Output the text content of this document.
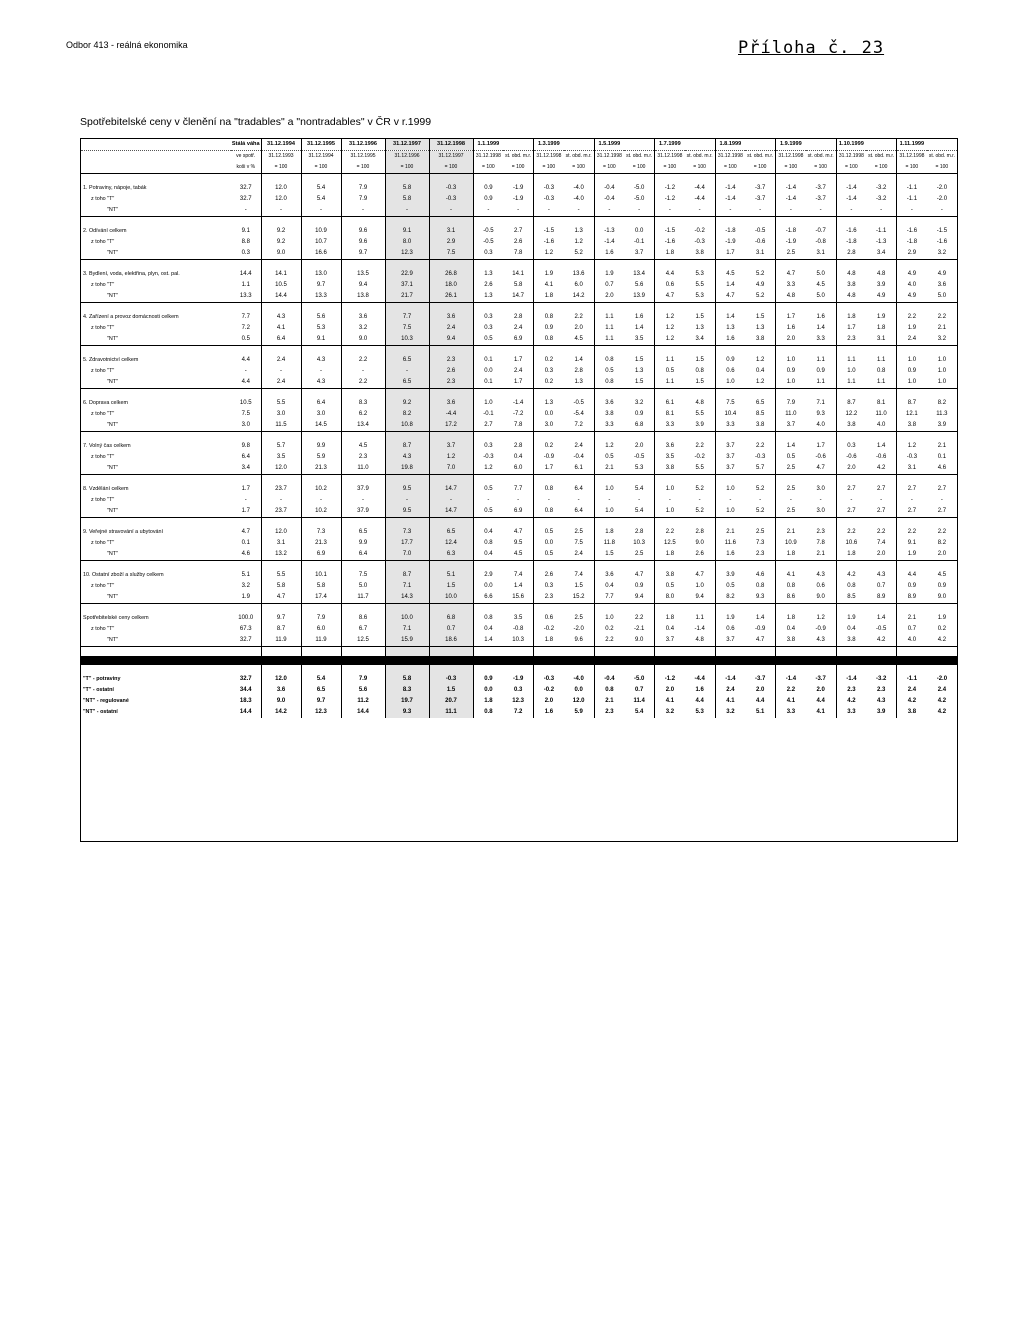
Odbor 413 - reálná ekonomika	Příloha č. 23
Spotřebitelské ceny v členění na "tradables" a "nontradables" v ČR v r.1999
	Stálá váha	31.12.1994	31.12.1995	31.12.1996	31.12.1997	31.12.1998	1.1.1999		1.3.1999		1.5.1999		1.7.1999		1.8.1999		1.9.1999		1.10.1999		1.11.1999	
	ve spotř.	31.12.1993	31.12.1994	31.12.1995	31.12.1996	31.12.1997	31.12.1998	st. obd. m.r.	31.12.1998	st. obd. m.r.	31.12.1998	st. obd. m.r.	31.12.1998	st. obd. m.r.	31.12.1998	st. obd. m.r.	31.12.1998	st. obd. m.r.	31.12.1998	st. obd. m.r.	31.12.1998	st. obd. m.r.
	koši v %	= 100	= 100	= 100	= 100	= 100	= 100	= 100	= 100	= 100	= 100	= 100	= 100	= 100	= 100	= 100	= 100	= 100	= 100	= 100	= 100	= 100

1. Potraviny, nápoje, tabák	32.7	12.0	5.4	7.9	5.8	-0.3	0.9	-1.9	-0.3	-4.0	-0.4	-5.0	-1.2	-4.4	-1.4	-3.7	-1.4	-3.7	-1.4	-3.2	-1.1	-2.0
z toho "T"	32.7	12.0	5.4	7.9	5.8	-0.3	0.9	-1.9	-0.3	-4.0	-0.4	-5.0	-1.2	-4.4	-1.4	-3.7	-1.4	-3.7	-1.4	-3.2	-1.1	-2.0
"NT"	-	-	-	-	-	-	-	-	-	-	-	-	-	-	-	-	-	-	-	-	-	-

2. Odívání celkem	9.1	9.2	10.9	9.6	9.1	3.1	-0.5	2.7	-1.5	1.3	-1.3	0.0	-1.5	-0.2	-1.8	-0.5	-1.8	-0.7	-1.6	-1.1	-1.6	-1.5
z toho "T"	8.8	9.2	10.7	9.6	8.0	2.9	-0.5	2.6	-1.6	1.2	-1.4	-0.1	-1.6	-0.3	-1.9	-0.6	-1.9	-0.8	-1.8	-1.3	-1.8	-1.6
"NT"	0.3	9.0	16.6	9.7	12.3	7.5	0.3	7.8	1.2	5.2	1.6	3.7	1.8	3.8	1.7	3.1	2.5	3.1	2.8	3.4	2.9	3.2

3. Bydlení, voda, elektřina, plyn, ost. pal.	14.4	14.1	13.0	13.5	22.9	26.8	1.3	14.1	1.9	13.6	1.9	13.4	4.4	5.3	4.5	5.2	4.7	5.0	4.8	4.8	4.9	4.9
z toho "T"	1.1	10.5	9.7	9.4	37.1	18.0	2.6	5.8	4.1	6.0	0.7	5.6	0.6	5.5	1.4	4.9	3.3	4.5	3.8	3.9	4.0	3.6
"NT"	13.3	14.4	13.3	13.8	21.7	26.1	1.3	14.7	1.8	14.2	2.0	13.9	4.7	5.3	4.7	5.2	4.8	5.0	4.8	4.9	4.9	5.0

4. Zařízení a provoz domácnosti celkem	7.7	4.3	5.6	3.6	7.7	3.6	0.3	2.8	0.8	2.2	1.1	1.6	1.2	1.5	1.4	1.5	1.7	1.6	1.8	1.9	2.2	2.2
z toho "T"	7.2	4.1	5.3	3.2	7.5	2.4	0.3	2.4	0.9	2.0	1.1	1.4	1.2	1.3	1.3	1.3	1.6	1.4	1.7	1.8	1.9	2.1
"NT"	0.5	6.4	9.1	9.0	10.3	9.4	0.5	6.9	0.8	4.5	1.1	3.5	1.2	3.4	1.6	3.8	2.0	3.3	2.3	3.1	2.4	3.2

5. Zdravotnictví celkem	4.4	2.4	4.3	2.2	6.5	2.3	0.1	1.7	0.2	1.4	0.8	1.5	1.1	1.5	0.9	1.2	1.0	1.1	1.1	1.1	1.0	1.0
z toho "T"	-	-	-	-	-	2.6	0.0	2.4	0.3	2.8	0.5	1.3	0.5	0.8	0.6	0.4	0.9	0.9	1.0	0.8	0.9	1.0
"NT"	4.4	2.4	4.3	2.2	6.5	2.3	0.1	1.7	0.2	1.3	0.8	1.5	1.1	1.5	1.0	1.2	1.0	1.1	1.1	1.1	1.0	1.0

6. Doprava celkem	10.5	5.5	6.4	8.3	9.2	3.6	1.0	-1.4	1.3	-0.5	3.6	3.2	6.1	4.8	7.5	6.5	7.9	7.1	8.7	8.1	8.7	8.2
z toho "T"	7.5	3.0	3.0	6.2	8.2	-4.4	-0.1	-7.2	0.0	-5.4	3.8	0.9	8.1	5.5	10.4	8.5	11.0	9.3	12.2	11.0	12.1	11.3
"NT"	3.0	11.5	14.5	13.4	10.8	17.2	2.7	7.8	3.0	7.2	3.3	6.8	3.3	3.9	3.3	3.8	3.7	4.0	3.8	4.0	3.8	3.9

7. Volný čas celkem	9.8	5.7	9.9	4.5	8.7	3.7	0.3	2.8	0.2	2.4	1.2	2.0	3.6	2.2	3.7	2.2	1.4	1.7	0.3	1.4	1.2	2.1
z toho "T"	6.4	3.5	5.9	2.3	4.3	1.2	-0.3	0.4	-0.9	-0.4	0.5	-0.5	3.5	-0.2	3.7	-0.3	0.5	-0.6	-0.6	-0.6	-0.3	0.1
"NT"	3.4	12.0	21.3	11.0	19.8	7.0	1.2	6.0	1.7	6.1	2.1	5.3	3.8	5.5	3.7	5.7	2.5	4.7	2.0	4.2	3.1	4.6

8. Vzdělání celkem	1.7	23.7	10.2	37.9	9.5	14.7	0.5	7.7	0.8	6.4	1.0	5.4	1.0	5.2	1.0	5.2	2.5	3.0	2.7	2.7	2.7	2.7
z toho "T"	-	-	-	-	-	-	-	-	-	-	-	-	-	-	-	-	-	-	-	-	-	-
"NT"	1.7	23.7	10.2	37.9	9.5	14.7	0.5	6.9	0.8	6.4	1.0	5.4	1.0	5.2	1.0	5.2	2.5	3.0	2.7	2.7	2.7	2.7

9. Veřejné stravování a ubytování	4.7	12.0	7.3	6.5	7.3	6.5	0.4	4.7	0.5	2.5	1.8	2.8	2.2	2.8	2.1	2.5	2.1	2.3	2.2	2.2	2.2	2.2
z toho "T"	0.1	3.1	21.3	9.9	17.7	12.4	0.8	9.5	0.0	7.5	11.8	10.3	12.5	9.0	11.6	7.3	10.9	7.8	10.6	7.4	9.1	8.2
"NT"	4.6	13.2	6.9	6.4	7.0	6.3	0.4	4.5	0.5	2.4	1.5	2.5	1.8	2.6	1.6	2.3	1.8	2.1	1.8	2.0	1.9	2.0

10. Ostatní zboží a služby celkem	5.1	5.5	10.1	7.5	8.7	5.1	2.9	7.4	2.6	7.4	3.6	4.7	3.8	4.7	3.9	4.6	4.1	4.3	4.2	4.3	4.4	4.5
z toho "T"	3.2	5.8	5.8	5.0	7.1	1.5	0.0	1.4	0.3	1.5	0.4	0.9	0.5	1.0	0.5	0.8	0.8	0.6	0.8	0.7	0.9	0.9
"NT"	1.9	4.7	17.4	11.7	14.3	10.0	6.6	15.6	2.3	15.2	7.7	9.4	8.0	9.4	8.2	9.3	8.6	9.0	8.5	8.9	8.9	9.0

Spotřebitelské ceny celkem	100.0	9.7	7.9	8.6	10.0	6.8	0.8	3.5	0.6	2.5	1.0	2.2	1.8	1.1	1.9	1.4	1.8	1.2	1.9	1.4	2.1	1.9
z toho "T"	67.3	8.7	6.0	6.7	7.1	0.7	0.4	-0.8	-0.2	-2.0	0.2	-2.1	0.4	-1.4	0.6	-0.9	0.4	-0.9	0.4	-0.5	0.7	0.2
"NT"	32.7	11.9	11.9	12.5	15.9	18.6	1.4	10.3	1.8	9.6	2.2	9.0	3.7	4.8	3.7	4.7	3.8	4.3	3.8	4.2	4.0	4.2

"T" - potraviny	32.7	12.0	5.4	7.9	5.8	-0.3	0.9	-1.9	-0.3	-4.0	-0.4	-5.0	-1.2	-4.4	-1.4	-3.7	-1.4	-3.7	-1.4	-3.2	-1.1	-2.0
"T" - ostatní	34.4	3.6	6.5	5.6	8.3	1.5	0.0	0.3	-0.2	0.0	0.8	0.7	2.0	1.6	2.4	2.0	2.2	2.0	2.3	2.3	2.4	2.4
"NT" - regulované	18.3	9.0	9.7	11.2	19.7	20.7	1.8	12.3	2.0	12.0	2.1	11.4	4.1	4.4	4.1	4.4	4.1	4.4	4.2	4.3	4.2	4.2
"NT" - ostatní	14.4	14.2	12.3	14.4	9.3	11.1	0.8	7.2	1.6	5.9	2.3	5.4	3.2	5.3	3.2	5.1	3.3	4.1	3.3	3.9	3.8	4.2
